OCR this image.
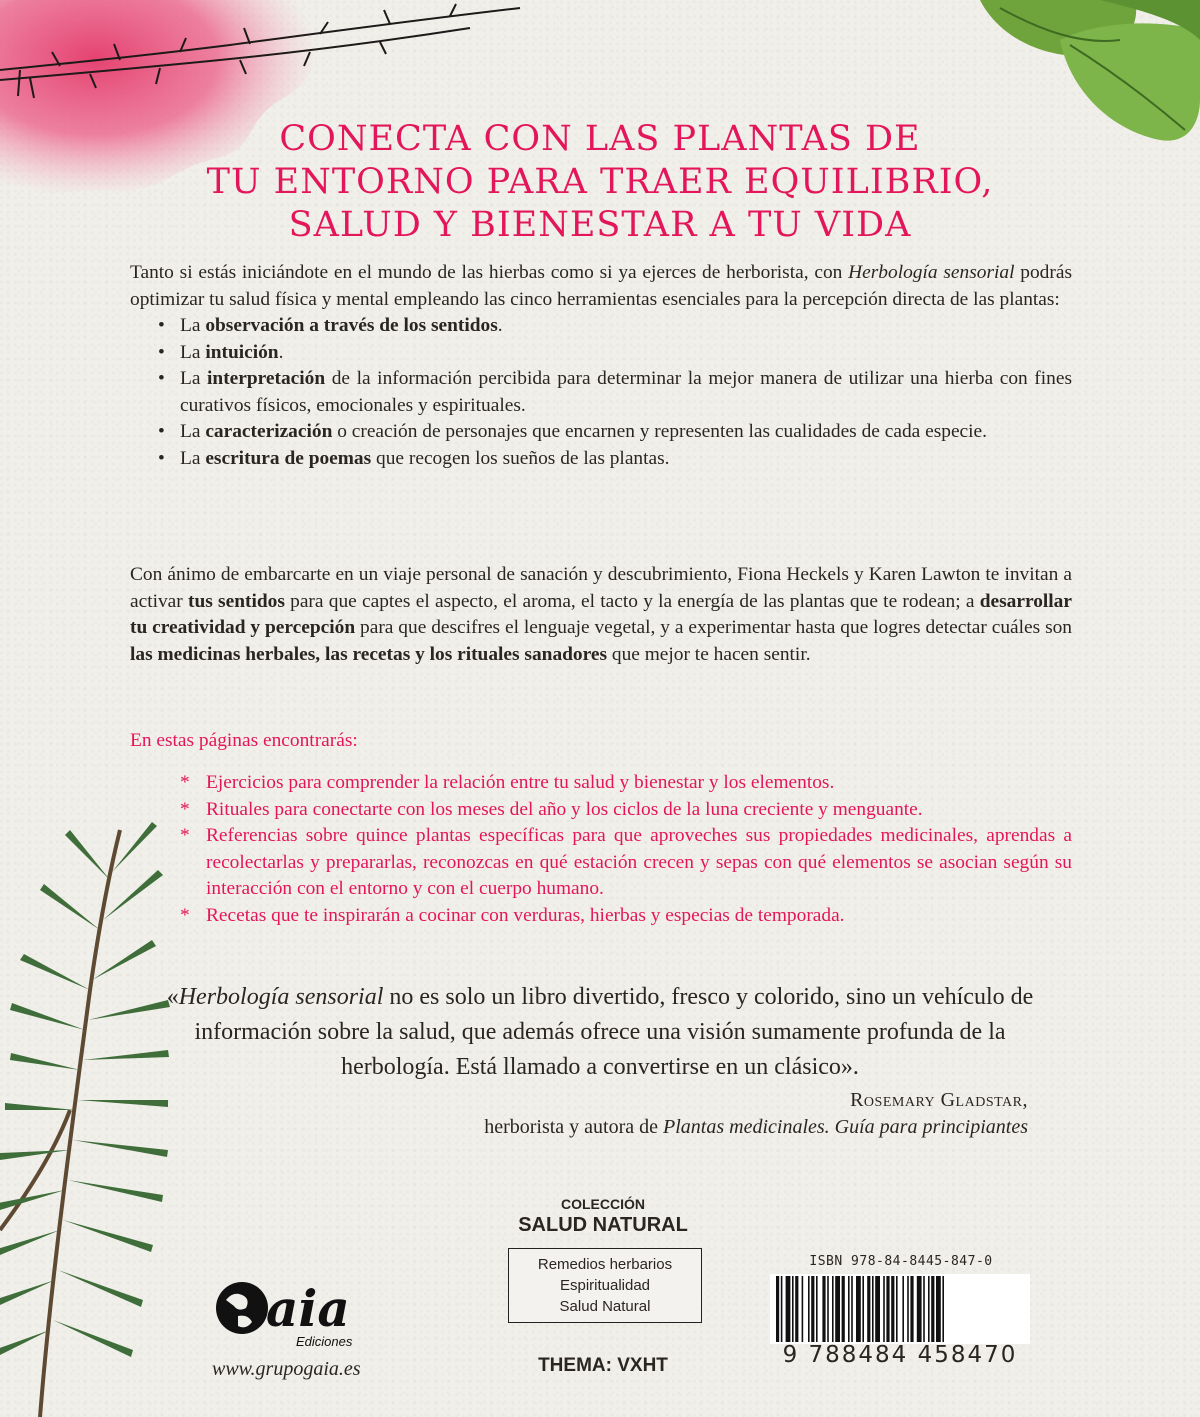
CONECTA CON LAS PLANTAS DE
TU ENTORNO PARA TRAER EQUILIBRIO,
SALUD Y BIENESTAR A TU VIDA
Tanto si estás iniciándote en el mundo de las hierbas como si ya ejerces de herborista, con Herbología sensorial podrás optimizar tu salud física y mental empleando las cinco herramientas esenciales para la percepción directa de las plantas:
• La observación a través de los sentidos.
• La intuición.
• La interpretación de la información percibida para determinar la mejor manera de utilizar una hierba con fines curativos físicos, emocionales y espirituales.
• La caracterización o creación de personajes que encarnen y representen las cualidades de cada especie.
• La escritura de poemas que recogen los sueños de las plantas.
Con ánimo de embarcarte en un viaje personal de sanación y descubrimiento, Fiona Heckels y Karen Lawton te invitan a activar tus sentidos para que captes el aspecto, el aroma, el tacto y la energía de las plantas que te rodean; a desarrollar tu creatividad y percepción para que descifres el lenguaje vegetal, y a experimentar hasta que logres detectar cuáles son las medicinas herbales, las recetas y los rituales sanadores que mejor te hacen sentir.
En estas páginas encontrarás:
* Ejercicios para comprender la relación entre tu salud y bienestar y los elementos.
* Rituales para conectarte con los meses del año y los ciclos de la luna creciente y menguante.
* Referencias sobre quince plantas específicas para que aproveches sus propiedades medicinales, aprendas a recolectarlas y prepararlas, reconozcas en qué estación crecen y sepas con qué elementos se asocian según su interacción con el entorno y con el cuerpo humano.
* Recetas que te inspirarán a cocinar con verduras, hierbas y especias de temporada.
«Herbología sensorial no es solo un libro divertido, fresco y colorido, sino un vehículo de información sobre la salud, que además ofrece una visión sumamente profunda de la herbología. Está llamado a convertirse en un clásico».
Rosemary Gladstar,
herborista y autora de Plantas medicinales. Guía para principiantes
aia
Ediciones
www.grupogaia.es
COLECCIÓN
SALUD NATURAL
Remedios herbarios
Espiritualidad
Salud Natural
THEMA: VXHT
ISBN 978-84-8445-847-0
9 788484 458470
